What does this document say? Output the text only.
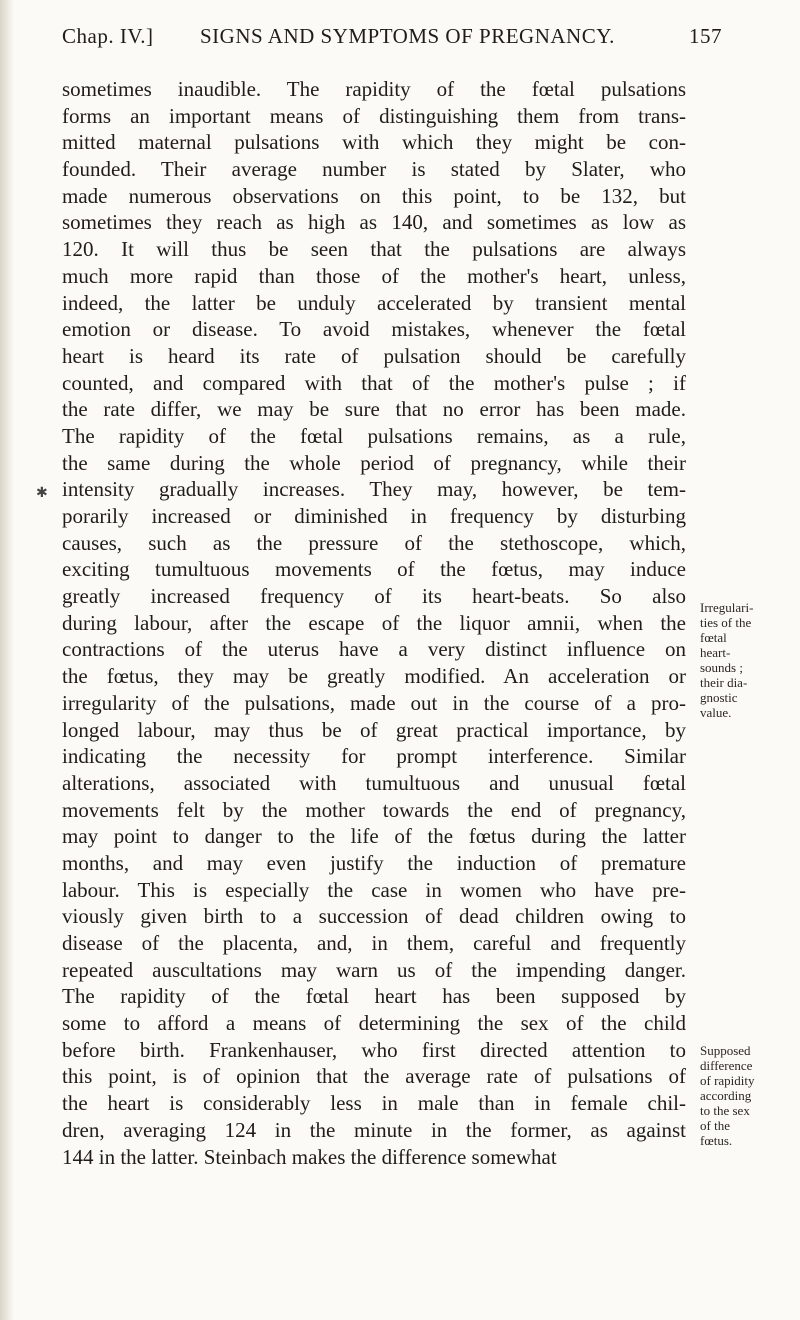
Chap. IV.] SIGNS AND SYMPTOMS OF PREGNANCY.	157
✱
sometimes inaudible. The rapidity of the fœtal pulsations
forms an important means of distinguishing them from trans-
mitted maternal pulsations with which they might be con-
founded. Their average number is stated by Slater, who
made numerous observations on this point, to be 132, but
sometimes they reach as high as 140, and sometimes as low as
120. It will thus be seen that the pulsations are always
much more rapid than those of the mother's heart, unless,
indeed, the latter be unduly accelerated by transient mental
emotion or disease. To avoid mistakes, whenever the fœtal
heart is heard its rate of pulsation should be carefully
counted, and compared with that of the mother's pulse ; if
the rate differ, we may be sure that no error has been made.
The rapidity of the fœtal pulsations remains, as a rule,
the same during the whole period of pregnancy, while their
intensity gradually increases. They may, however, be tem-
porarily increased or diminished in frequency by disturbing
causes, such as the pressure of the stethoscope, which,
exciting tumultuous movements of the fœtus, may induce
greatly increased frequency of its heart-beats. So also
during labour, after the escape of the liquor amnii, when the
contractions of the uterus have a very distinct influence on
the fœtus, they may be greatly modified. An acceleration or
irregularity of the pulsations, made out in the course of a pro-
longed labour, may thus be of great practical importance, by
indicating the necessity for prompt interference. Similar
alterations, associated with tumultuous and unusual fœtal
movements felt by the mother towards the end of pregnancy,
may point to danger to the life of the fœtus during the latter
months, and may even justify the induction of premature
labour. This is especially the case in women who have pre-
viously given birth to a succession of dead children owing to
disease of the placenta, and, in them, careful and frequently
repeated auscultations may warn us of the impending danger.
The rapidity of the fœtal heart has been supposed by
some to afford a means of determining the sex of the child
before birth. Frankenhauser, who first directed attention to
this point, is of opinion that the average rate of pulsations of
the heart is considerably less in male than in female chil-
dren, averaging 124 in the minute in the former, as against
144 in the latter. Steinbach makes the difference somewhat
Irregulari-
ties of the
fœtal
heart-
sounds ;
their dia-
gnostic
value.
Supposed
difference
of rapidity
according
to the sex
of the
fœtus.
